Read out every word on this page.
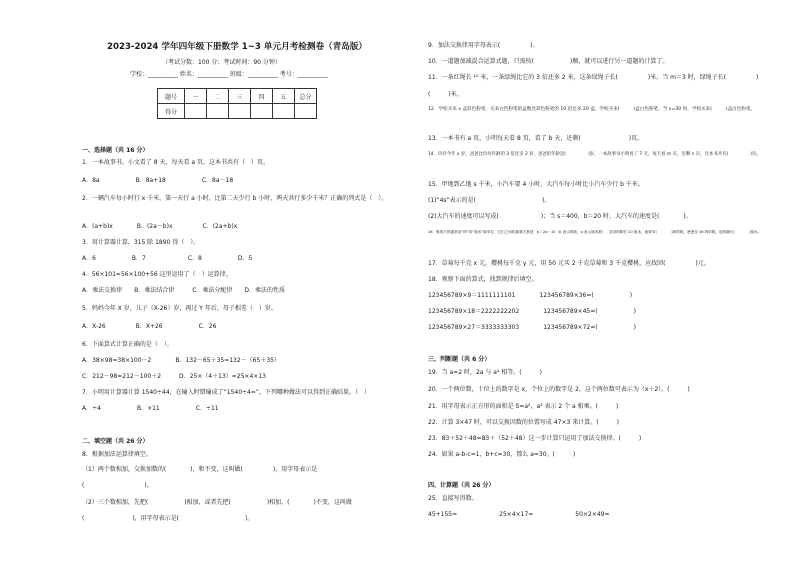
2023-2024 学年四年级下册数学 1~3 单元月考检测卷（青岛版）
（考试分数：100 分；考试时间：90 分钟）
学校：__________ 姓名：__________ 班级：__________ 考号：__________
题号	一	二	三	四	五	总分
得分						
一、选择题（共 16 分）
1．一本故事书，小文看了 8 天，每天看 a 页，这本书共有（　）页。
A．8a　　　　　　B．8a+18　　　　　　C．8a－18
2．一辆汽车每小时行 x 千米，第一天行 a 小时，比第二天少行 b 小时，两天共行多少千米？正确的列式是（　）。
A．(a+b)x　　　　B．(2a－b)x　　　　　C．(2a+b)x
3．用计算器计算，315 除 1890 得（　）。
A．6　　　　　　B．7　　　　　　　C．8　　　　　　D．5
4．56×101=56×100+56 这里运用了（　）运算律。
A．乘法交换律　　B．乘法结合律　　　C．乘法分配律　　D．乘法的性质
5．妈妈今年 X 岁，儿子（X-26）岁，再过 Y 年后，母子相差（　）岁。
A．X-26　　　　　B．X+26　　　　　　C．26
6．下面算式计算正确的是（　）。
A．38×98=38×100－2　　　　B．132－65＋35=132－（65＋35）
C．212－98=212－100＋2　　　D．25×（4＋13）=25×4×13
7．小明用计算器计算 1540÷44，在输入时错输成了“1540÷4=”，下列哪种做法可以得到正确结果。（　）
A．÷4　　　　　　B．×11　　　　　　C．÷11
二、填空题（共 26 分）
8．根据加法运算律填空。
（1）两个数相加，交换加数的(　　　　)，和不变，这叫做(　　　　　)，用字母表示是
(　　　　　　　　　　)。
（2）三个数相加，先把(　　　　　　)相加，或者先把(　　　　　　)相加，(　　　　)不变，这叫做
(　　　　　　　　)，用字母表示是(　　　　　　　　　　　)。
9．加法交换律用字母表示(　　　　　)。
10．一道题加减混合运算式题，只需按(　　　　　　)顺，就可以进行另一道题的计算了。
11．一条红绳长 ¹⁰ 米，一条绿绳比它的 3 倍还多 2 米，这条绿绳子长(　　　　　)米。当 m＝3 时，绿绳子长(　　　　　)
(　　　)米。
12．学校买来 x 盒彩色粉笔，买来白色粉笔的盒数比彩色粉笔的 10 倍还多 20 盒，学校买来(　　　)盒白色粉笔。当 x=30 时，学校买来(　　　)盒白色粉笔。
13．一本书有 a 页，小明每天看 8 页，看了 b 天，还剩(　　　　　　　　)页。
14．玲玲今年 x 岁，爸爸比玲玲年龄的 3 倍还多 2 岁，爸爸的年龄是(　　　　　)岁，一本故事书小明看了 7 天，每天看 m 页，还剩 n 页，这本书共有(　　　　　)页。
15．甲地到乙地 s 千米，小汽车要 4 小时，大汽车每小时比小汽车少行 b 千米。
(1)“4s”表示的是(　　　　　　　　　　　)。
(2)大汽车的速度可以写成(　　　　　　　)；当 s＝400，b＝20 时，大汽车的速度是(　　　　)。
16．鞋的尺码通常用“码”或“厘米”做单位，它们之间的换算关系是：b＝2a－10（b 表示码数，a 表示厘米数），奇奇的脚长 20 厘米，他要穿(　　　　)码的鞋，爸爸穿 36 码的鞋，他的脚长(　　　　)厘米。
17．草莓每千克 x 元，樱桃每千克 y 元，用 50 元买 2 千克草莓和 3 千克樱桃，应找回(　　　　　)元。
18．观察下面的算式，找到规律后填空。
123456789×9＝1111111101　　　　123456789×36=(　　　　　　)
123456789×18＝2222222202　　　　123456789×45=(　　　　　　)
123456789×27＝3333333303　　　　123456789×72=(　　　　　　)
三、判断题（共 6 分）
19．当 a=2 时，2a 与 a² 相等。(　　　)
20．一个两位数，十位上的数字是 x，个位上的数字是 2，这个两位数可表示为（x＋2）。(　　　)
21．用字母表示正方形的面积是 S=a²，a² 表示 2 个 a 相乘。(　　　)
22．计算 3×47 时，可以交换因数的位置写成 47×3 来计算。(　　　)
23．83＋52＋48=83＋（52＋48）这一步计算只运用了加法交换律。(　　　)
24．如果 a-b-c=1，b+c=30，那么 a=30。(　　　)
四、计算题（共 26 分）
25．直接写得数。
45+155=　　　　　　　25×4×17=　　　　　　　50×2×49=
